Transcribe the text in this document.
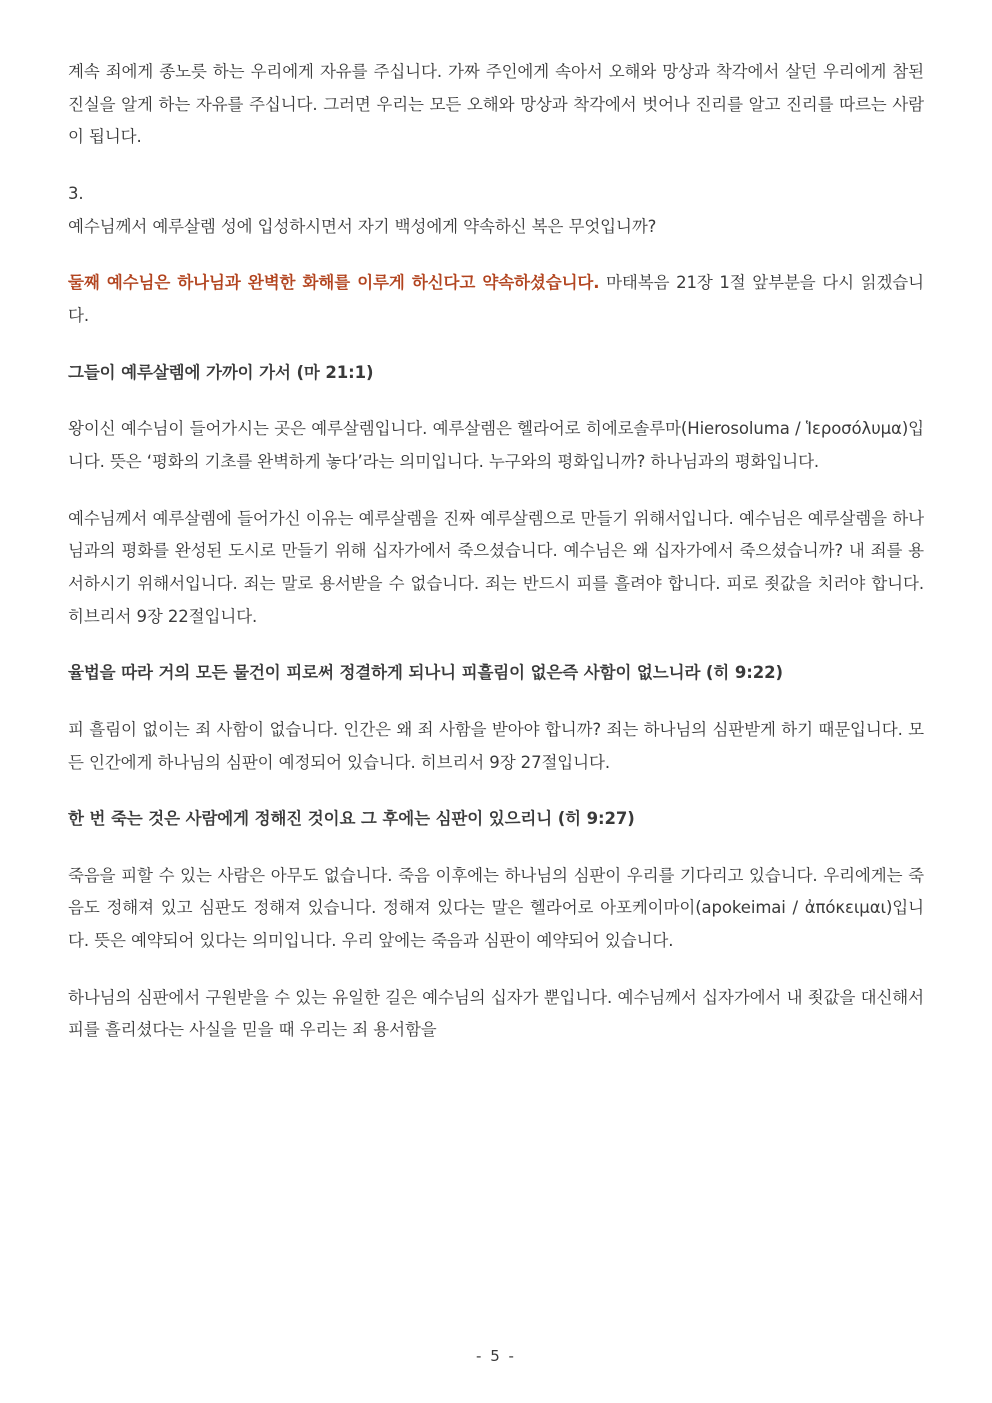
계속 죄에게 종노릇 하는 우리에게 자유를 주십니다. 가짜 주인에게 속아서 오해와 망상과 착각에서 살던 우리에게 참된 진실을 알게 하는 자유를 주십니다. 그러면 우리는 모든 오해와 망상과 착각에서 벗어나 진리를 알고 진리를 따르는 사람이 됩니다.

3.

예수님께서 예루살렘 성에 입성하시면서 자기 백성에게 약속하신 복은 무엇입니까?

둘째 예수님은 하나님과 완벽한 화해를 이루게 하신다고 약속하셨습니다. 마태복음 21장 1절 앞부분을 다시 읽겠습니다.

그들이 예루살렘에 가까이 가서 (마 21:1)

왕이신 예수님이 들어가시는 곳은 예루살렘입니다. 예루살렘은 헬라어로 히에로솔루마(Hierosoluma / Ἱεροσόλυμα)입니다. 뜻은 ‘평화의 기초를 완벽하게 놓다’라는 의미입니다. 누구와의 평화입니까? 하나님과의 평화입니다.

예수님께서 예루살렘에 들어가신 이유는 예루살렘을 진짜 예루살렘으로 만들기 위해서입니다. 예수님은 예루살렘을 하나님과의 평화를 완성된 도시로 만들기 위해 십자가에서 죽으셨습니다. 예수님은 왜 십자가에서 죽으셨습니까? 내 죄를 용서하시기 위해서입니다. 죄는 말로 용서받을 수 없습니다. 죄는 반드시 피를 흘려야 합니다. 피로 죗값을 치러야 합니다. 히브리서 9장 22절입니다.

율법을 따라 거의 모든 물건이 피로써 정결하게 되나니 피흘림이 없은즉 사함이 없느니라 (히 9:22)

피 흘림이 없이는 죄 사함이 없습니다. 인간은 왜 죄 사함을 받아야 합니까? 죄는 하나님의 심판받게 하기 때문입니다. 모든 인간에게 하나님의 심판이 예정되어 있습니다. 히브리서 9장 27절입니다.

한 번 죽는 것은 사람에게 정해진 것이요 그 후에는 심판이 있으리니 (히 9:27)

죽음을 피할 수 있는 사람은 아무도 없습니다. 죽음 이후에는 하나님의 심판이 우리를 기다리고 있습니다. 우리에게는 죽음도 정해져 있고 심판도 정해져 있습니다. 정해져 있다는 말은 헬라어로 아포케이마이(apokeimai / ἀπόκειμαι)입니다. 뜻은 예약되어 있다는 의미입니다. 우리 앞에는 죽음과 심판이 예약되어 있습니다.

하나님의 심판에서 구원받을 수 있는 유일한 길은 예수님의 십자가 뿐입니다. 예수님께서 십자가에서 내 죗값을 대신해서 피를 흘리셨다는 사실을 믿을 때 우리는 죄 용서함을

- 5 -
